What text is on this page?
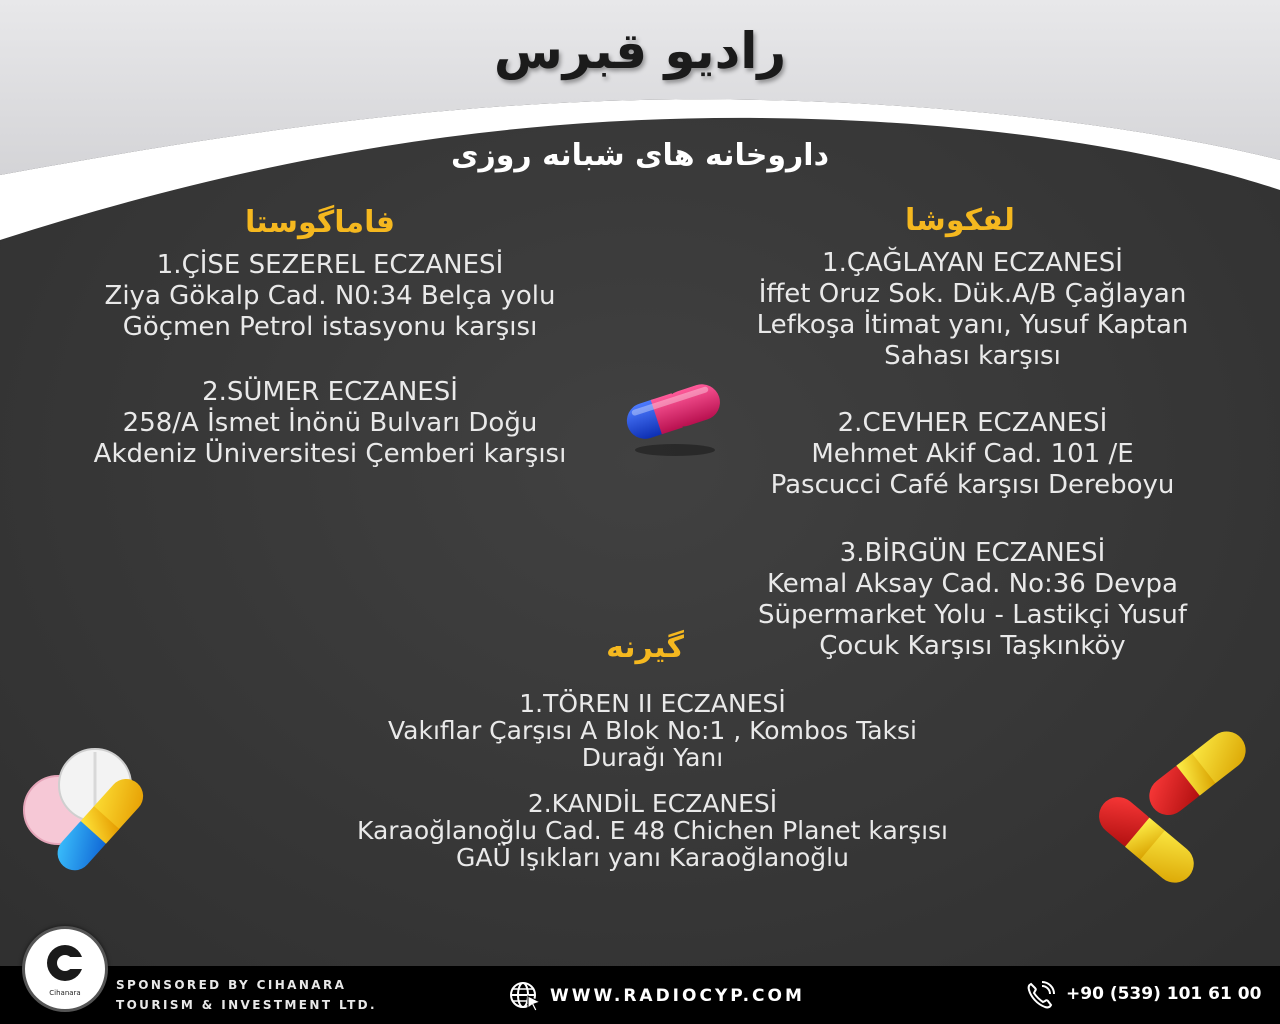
رادیو قبرس
داروخانه های شبانه روزی
فاماگوستا
1.ÇİSE SEZEREL ECZANESİ
Ziya Gökalp Cad. N0:34 Belça yolu
Göçmen Petrol istasyonu karşısı
2.SÜMER ECZANESİ
258/A İsmet İnönü Bulvarı Doğu
Akdeniz Üniversitesi Çemberi karşısı
لفکوشا
1.ÇAĞLAYAN ECZANESİ
İffet Oruz Sok. Dük.A/B Çağlayan
Lefkoşa İtimat yanı, Yusuf Kaptan
Sahası karşısı
2.CEVHER ECZANESİ
Mehmet Akif Cad. 101 /E
Pascucci Café karşısı Dereboyu
3.BİRGÜN ECZANESİ
Kemal Aksay Cad. No:36 Devpa
Süpermarket Yolu - Lastikçi Yusuf
Çocuk Karşısı Taşkınköy
گیرنه
1.TÖREN II ECZANESİ
Vakıflar Çarşısı A Blok No:1 , Kombos Taksi
Durağı Yanı
2.KANDİL ECZANESİ
Karaoğlanoğlu Cad. E 48 Chichen Planet karşısı
GAÜ Işıkları yanı Karaoğlanoğlu
Cihanara
SPONSORED BY CIHANARA
TOURISM & INVESTMENT LTD.	WWW.RADIOCYP.COM	+90 (539) 101 61 00
